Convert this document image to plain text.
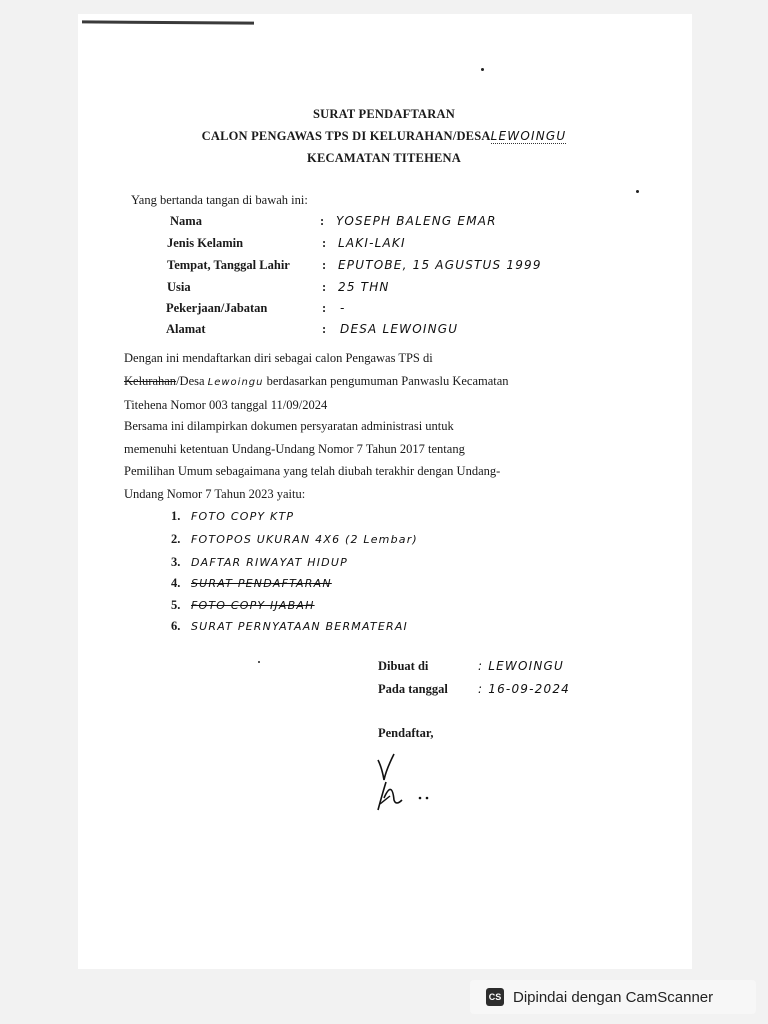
SURAT PENDAFTARAN
CALON PENGAWAS TPS DI KELURAHAN/DESALEWOINGU
KECAMATAN TITEHENA
Yang bertanda tangan di bawah ini:
Nama	: YOSEPH BALENG EMAR
Jenis Kelamin	: LAKI-LAKI
Tempat, Tanggal Lahir	: EPUTOBE, 15 AGUSTUS 1999
Usia	: 25 THN
Pekerjaan/Jabatan	: -
Alamat	: DESA LEWOINGU
Dengan ini mendaftarkan diri sebagai calon Pengawas TPS di
Kelurahan/Desa Lewoingu berdasarkan pengumuman Panwaslu Kecamatan
Titehena Nomor 003 tanggal 11/09/2024
Bersama ini dilampirkan dokumen persyaratan administrasi untuk
memenuhi ketentuan Undang-Undang Nomor 7 Tahun 2017 tentang
Pemilihan Umum sebagaimana yang telah diubah terakhir dengan Undang-
Undang Nomor 7 Tahun 2023 yaitu:
1. FOTO COPY KTP
2. FOTOPOS UKURAN 4X6 (2 Lembar)
3. DAFTAR RIWAYAT HIDUP
4. SURAT PENDAFTARAN
5. FOTO COPY IJABAH
6. SURAT PERNYATAAN BERMATERAI
Dibuat di	: LEWOINGU
Pada tanggal	: 16-09-2024
Pendaftar,
CS Dipindai dengan CamScanner
